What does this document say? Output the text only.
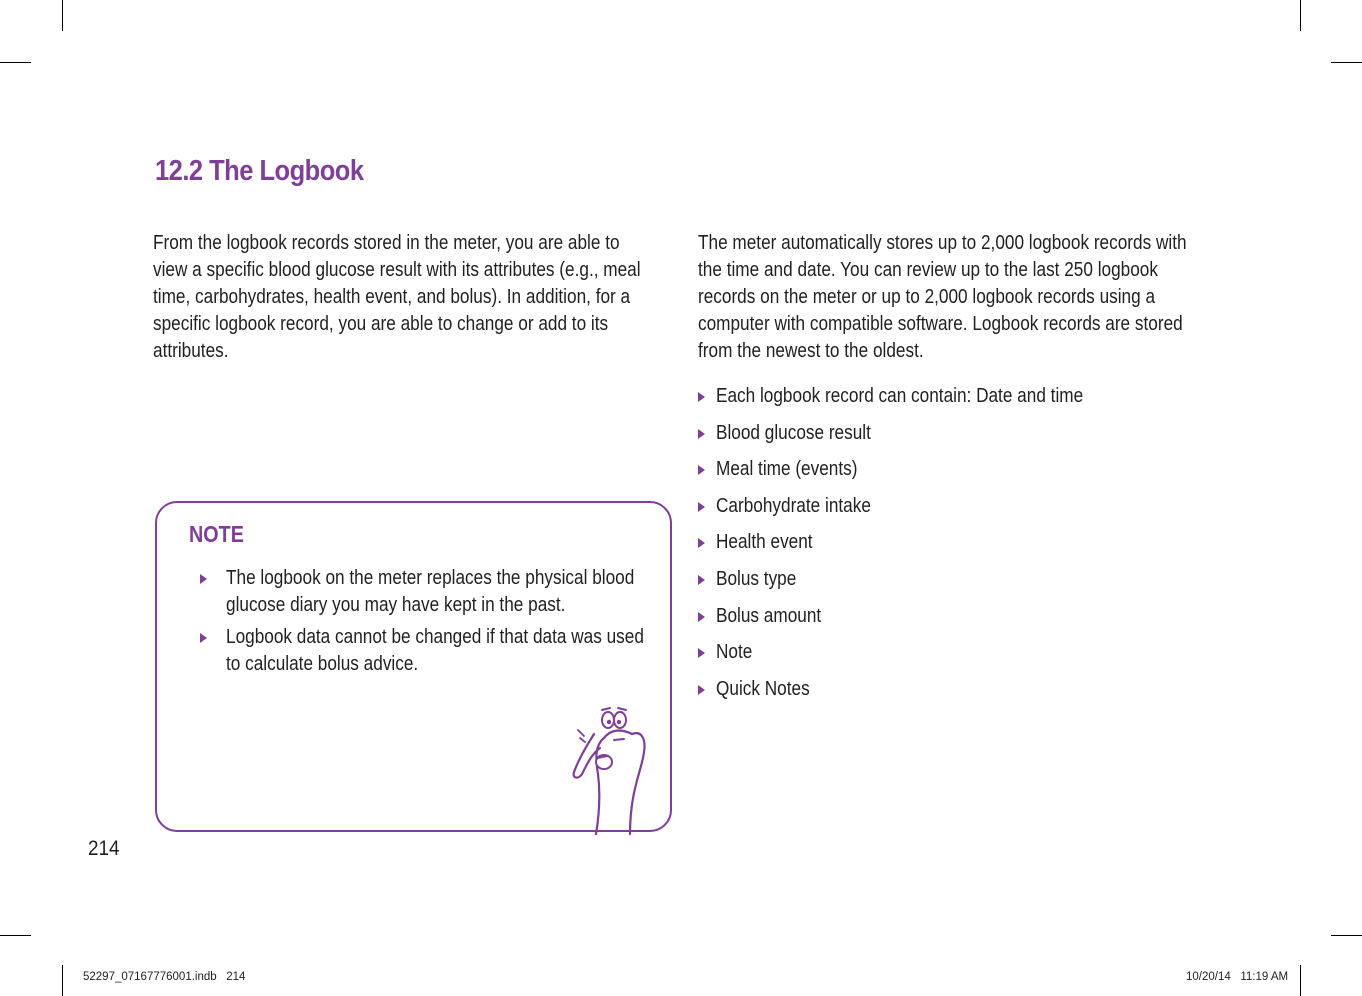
12.2 The Logbook

From the logbook records stored in the meter, you are able to view a specific blood glucose result with its attributes (e.g., meal time, carbohydrates, health event, and bolus). In addition, for a specific logbook record, you are able to change or add to its attributes.

The meter automatically stores up to 2,000 logbook records with the time and date. You can review up to the last 250 logbook records on the meter or up to 2,000 logbook records using a computer with compatible software. Logbook records are stored from the newest to the oldest.

Each logbook record can contain: Date and time
Blood glucose result
Meal time (events)
Carbohydrate intake
Health event
Bolus type
Bolus amount
Note
Quick Notes
NOTE

The logbook on the meter replaces the physical blood glucose diary you may have kept in the past.

Logbook data cannot be changed if that data was used to calculate bolus advice.

214
52297_07167776001.indb   214	10/20/14   11:19 AM
